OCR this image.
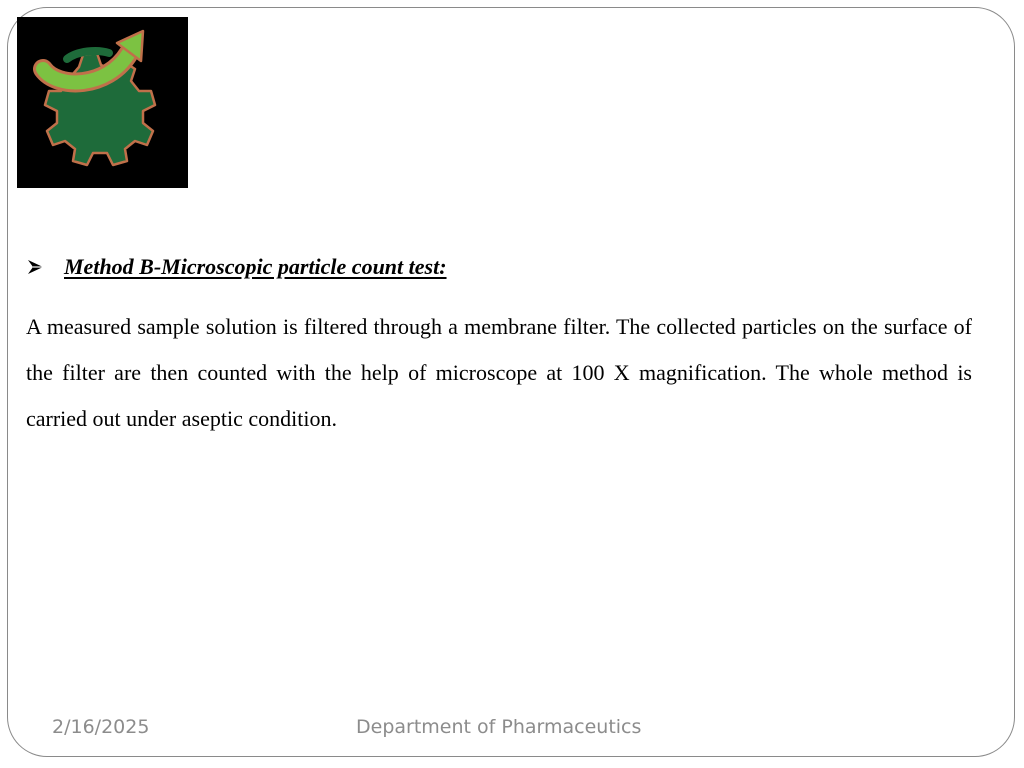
Method B-Microscopic particle count test:

A measured sample solution is filtered through a membrane filter. The collected particles on the surface of the filter are then counted with the help of microscope at 100 X magnification. The whole method is carried out under aseptic condition.

2/16/2025	Department of Pharmaceutics
